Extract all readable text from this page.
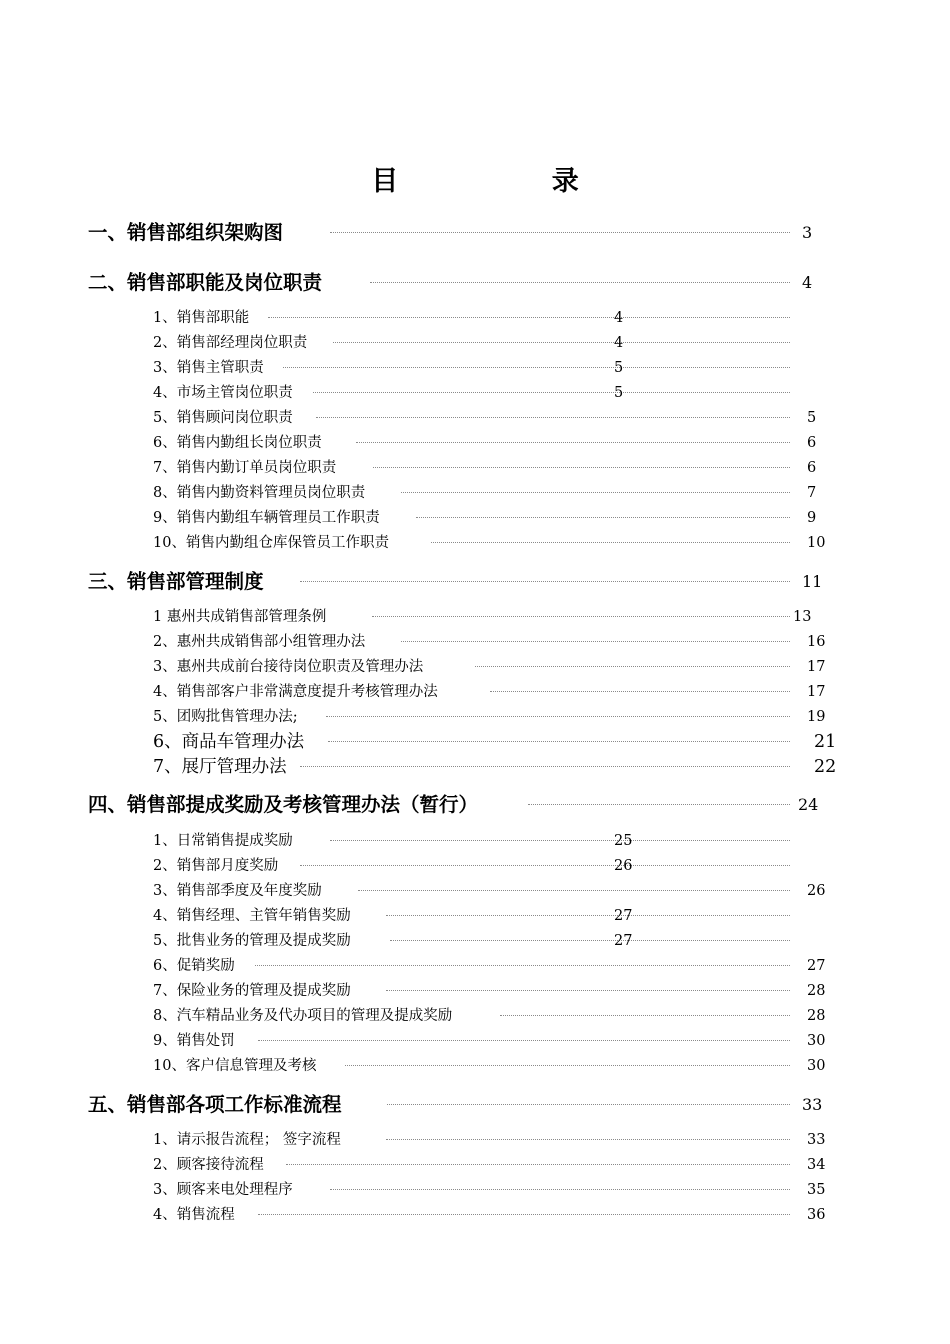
目 录
一、销售部组织架购图	3
二、销售部职能及岗位职责	4
1、销售部职能	4
2、销售部经理岗位职责	4
3、销售主管职责	5
4、市场主管岗位职责	5
5、销售顾问岗位职责	5
6、销售内勤组长岗位职责	6
7、销售内勤订单员岗位职责	6
8、销售内勤资料管理员岗位职责	7
9、销售内勤组车辆管理员工作职责	9
10、销售内勤组仓库保管员工作职责	10
三、销售部管理制度	11
1 惠州共成销售部管理条例	13
2、惠州共成销售部小组管理办法	16
3、惠州共成前台接待岗位职责及管理办法	17
4、销售部客户非常满意度提升考核管理办法	17
5、团购批售管理办法;	19
6、商品车管理办法	21
7、展厅管理办法	22
四、销售部提成奖励及考核管理办法（暂行）	24
1、日常销售提成奖励	25
2、销售部月度奖励	26
3、销售部季度及年度奖励	26
4、销售经理、主管年销售奖励	27
5、批售业务的管理及提成奖励	27
6、促销奖励	27
7、保险业务的管理及提成奖励	28
8、汽车精品业务及代办项目的管理及提成奖励	28
9、销售处罚	30
10、客户信息管理及考核	30
五、销售部各项工作标准流程	33
1、请示报告流程； 签字流程	33
2、顾客接待流程	34
3、顾客来电处理程序	35
4、销售流程	36
